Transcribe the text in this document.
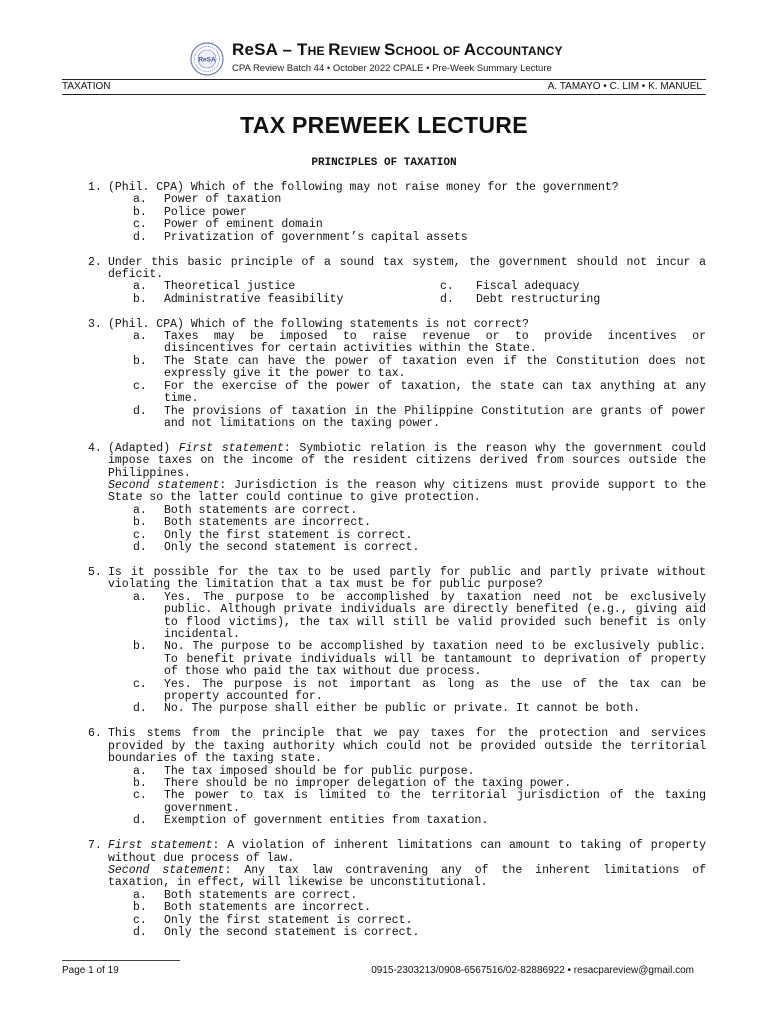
ReSA
ReSA – THE REVIEW SCHOOL OF ACCOUNTANCY
CPA Review Batch 44 • October 2022 CPALE • Pre-Week Summary Lecture
TAXATION	A. TAMAYO • C. LIM • K. MANUEL
TAX PREWEEK LECTURE
PRINCIPLES OF TAXATION
1. (Phil. CPA) Which of the following may not raise money for the government?
a. Power of taxation
b. Police power
c. Power of eminent domain
d. Privatization of government’s capital assets
2. Under this basic principle of a sound tax system, the government should not incur a deficit.
a. Theoretical justice	c. Fiscal adequacy
b. Administrative feasibility	d. Debt restructuring
3. (Phil. CPA) Which of the following statements is not correct?
a. Taxes may be imposed to raise revenue or to provide incentives or disincentives for certain activities within the State.
b. The State can have the power of taxation even if the Constitution does not expressly give it the power to tax.
c. For the exercise of the power of taxation, the state can tax anything at any time.
d. The provisions of taxation in the Philippine Constitution are grants of power and not limitations on the taxing power.
4. (Adapted) First statement: Symbiotic relation is the reason why the government could impose taxes on the income of the resident citizens derived from sources outside the Philippines.
Second statement: Jurisdiction is the reason why citizens must provide support to the State so the latter could continue to give protection.
a. Both statements are correct.
b. Both statements are incorrect.
c. Only the first statement is correct.
d. Only the second statement is correct.
5. Is it possible for the tax to be used partly for public and partly private without violating the limitation that a tax must be for public purpose?
a. Yes. The purpose to be accomplished by taxation need not be exclusively public. Although private individuals are directly benefited (e.g., giving aid to flood victims), the tax will still be valid provided such benefit is only incidental.
b. No. The purpose to be accomplished by taxation need to be exclusively public. To benefit private individuals will be tantamount to deprivation of property of those who paid the tax without due process.
c. Yes. The purpose is not important as long as the use of the tax can be property accounted for.
d. No. The purpose shall either be public or private. It cannot be both.
6. This stems from the principle that we pay taxes for the protection and services provided by the taxing authority which could not be provided outside the territorial boundaries of the taxing state.
a. The tax imposed should be for public purpose.
b. There should be no improper delegation of the taxing power.
c. The power to tax is limited to the territorial jurisdiction of the taxing government.
d. Exemption of government entities from taxation.
7. First statement: A violation of inherent limitations can amount to taking of property without due process of law.
Second statement: Any tax law contravening any of the inherent limitations of taxation, in effect, will likewise be unconstitutional.
a. Both statements are correct.
b. Both statements are incorrect.
c. Only the first statement is correct.
d. Only the second statement is correct.
Page 1 of 19	0915-2303213/0908-6567516/02-82886922 • resacpareview@gmail.com
